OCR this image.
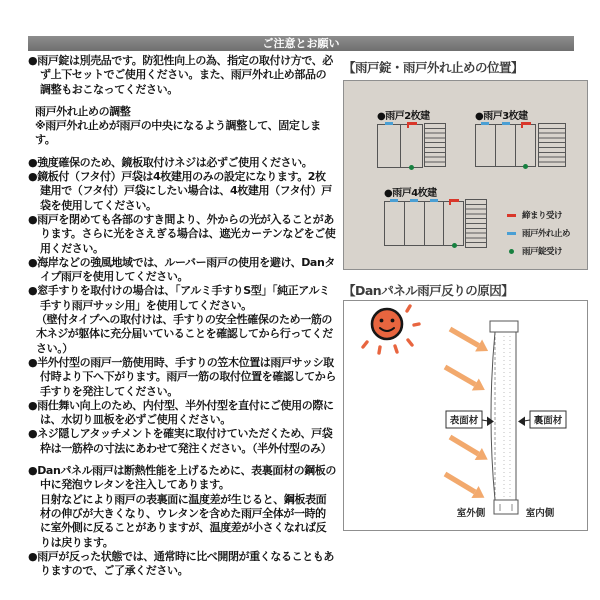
ご注意とお願い
●雨戸錠は別売品です。防犯性向上の為、指定の取付け方で、必ず上下セットでご使用ください。また、雨戸外れ止め部品の調整もおこなってください。
雨戸外れ止めの調整
※雨戸外れ止めが雨戸の中央になるよう調整して、固定します。
●強度確保のため、鏡板取付けネジは必ずご使用ください。
●鏡板付（フタ付）戸袋は4枚建用のみの設定になります。2枚建用で（フタ付）戸袋にしたい場合は、4枚建用（フタ付）戸袋を使用してください。
●雨戸を閉めても各部のすき間より、外からの光が入ることがあります。さらに光をさえぎる場合は、遮光カーテンなどをご使用ください。
●海岸などの強風地域では、ルーバー雨戸の使用を避け、Danタイプ雨戸を使用してください。
●窓手すりを取付けの場合は、「アルミ手すりS型」「純正アルミ手すり雨戸サッシ用」を使用してください。
（壁付タイプへの取付けは、手すりの安全性確保のため一筋の木ネジが躯体に充分届いていることを確認してから行ってください。）
●半外付型の雨戸一筋使用時、手すりの笠木位置は雨戸サッシ取付時より下へ下がります。雨戸一筋の取付位置を確認してから手すりを発注してください。
●雨仕舞い向上のため、内付型、半外付型を直付にご使用の際には、水切り皿板を必ずご使用ください。
●ネジ隠しアタッチメントを確実に取付けていただくため、戸袋枠は一筋枠の寸法にあわせて発注ください。（半外付型のみ）
●Danパネル雨戸は断熱性能を上げるために、表裏面材の鋼板の中に発泡ウレタンを注入してあります。
日射などにより雨戸の表裏面に温度差が生じると、鋼板表面材の伸びが大きくなり、ウレタンを含めた雨戸全体が一時的に室外側に反ることがありますが、温度差が小さくなれば反りは戻ります。
●雨戸が反った状態では、通常時に比べ開閉が重くなることもありますので、ご了承ください。
【雨戸錠・雨戸外れ止めの位置】
締まり受け
雨戸外れ止め
雨戸錠受け
●雨戸2枚建	●雨戸3枚建
●雨戸4枚建
【Danパネル雨戸反りの原因】
表面材	裏面材
室外側	室内側
